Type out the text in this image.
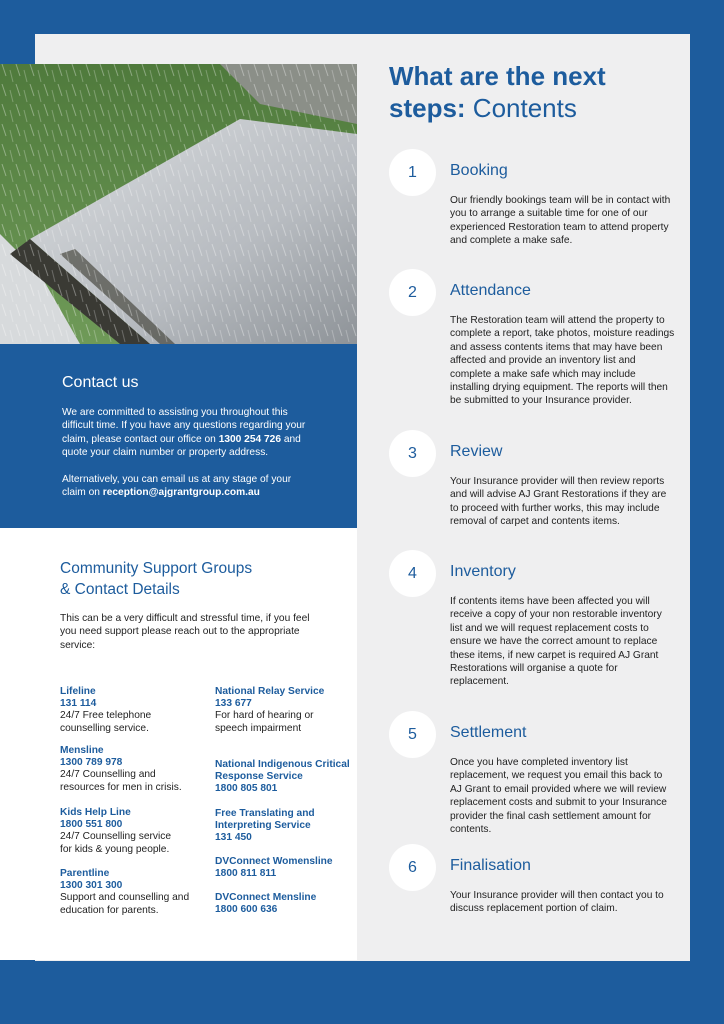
Contact us

We are committed to assisting you throughout this difficult time. If you have any questions regarding your claim, please contact our office on 1300 254 726 and quote your claim number or property address.

Alternatively, you can email us at any stage of your claim on reception@ajgrantgroup.com.au

Community Support Groups
& Contact Details

This can be a very difficult and stressful time, if you feel you need support please reach out to the appropriate service:

Lifeline
131 114
24/7 Free telephone counselling service.
Mensline
1300 789 978
24/7 Counselling and resources for men in crisis.
Kids Help Line
1800 551 800
24/7 Counselling service for kids & young people.
Parentline
1300 301 300
Support and counselling and education for parents.
National Relay Service
133 677
For hard of hearing or speech impairment
National Indigenous Critical Response Service
1800 805 801
Free Translating and Interpreting Service
131 450
DVConnect Womensline
1800 811 811
DVConnect Mensline
1800 600 636
What are the next steps: Contents
1	Booking

Our friendly bookings team will be in contact with you to arrange a suitable time for one of our experienced Restoration team to attend property and complete a make safe.

2	Attendance

The Restoration team will attend the property to complete a report, take photos, moisture readings and assess contents items that may have been affected and provide an inventory list and complete a make safe which may include installing drying equipment. The reports will then be submitted to your Insurance provider.

3	Review

Your Insurance provider will then review reports and will advise AJ Grant Restorations if they are to proceed with further works, this may include removal of carpet and contents items.

4	Inventory

If contents items have been affected you will receive a copy of your non restorable inventory list and we will request replacement costs to ensure we have the correct amount to replace these items, if new carpet is required AJ Grant Restorations will organise a quote for replacement.

5	Settlement

Once you have completed inventory list replacement, we request you email this back to AJ Grant to email provided where we will review replacement costs and submit to your Insurance provider the final cash settlement amount for contents.

6	Finalisation

Your Insurance provider will then contact you to discuss replacement portion of claim.
